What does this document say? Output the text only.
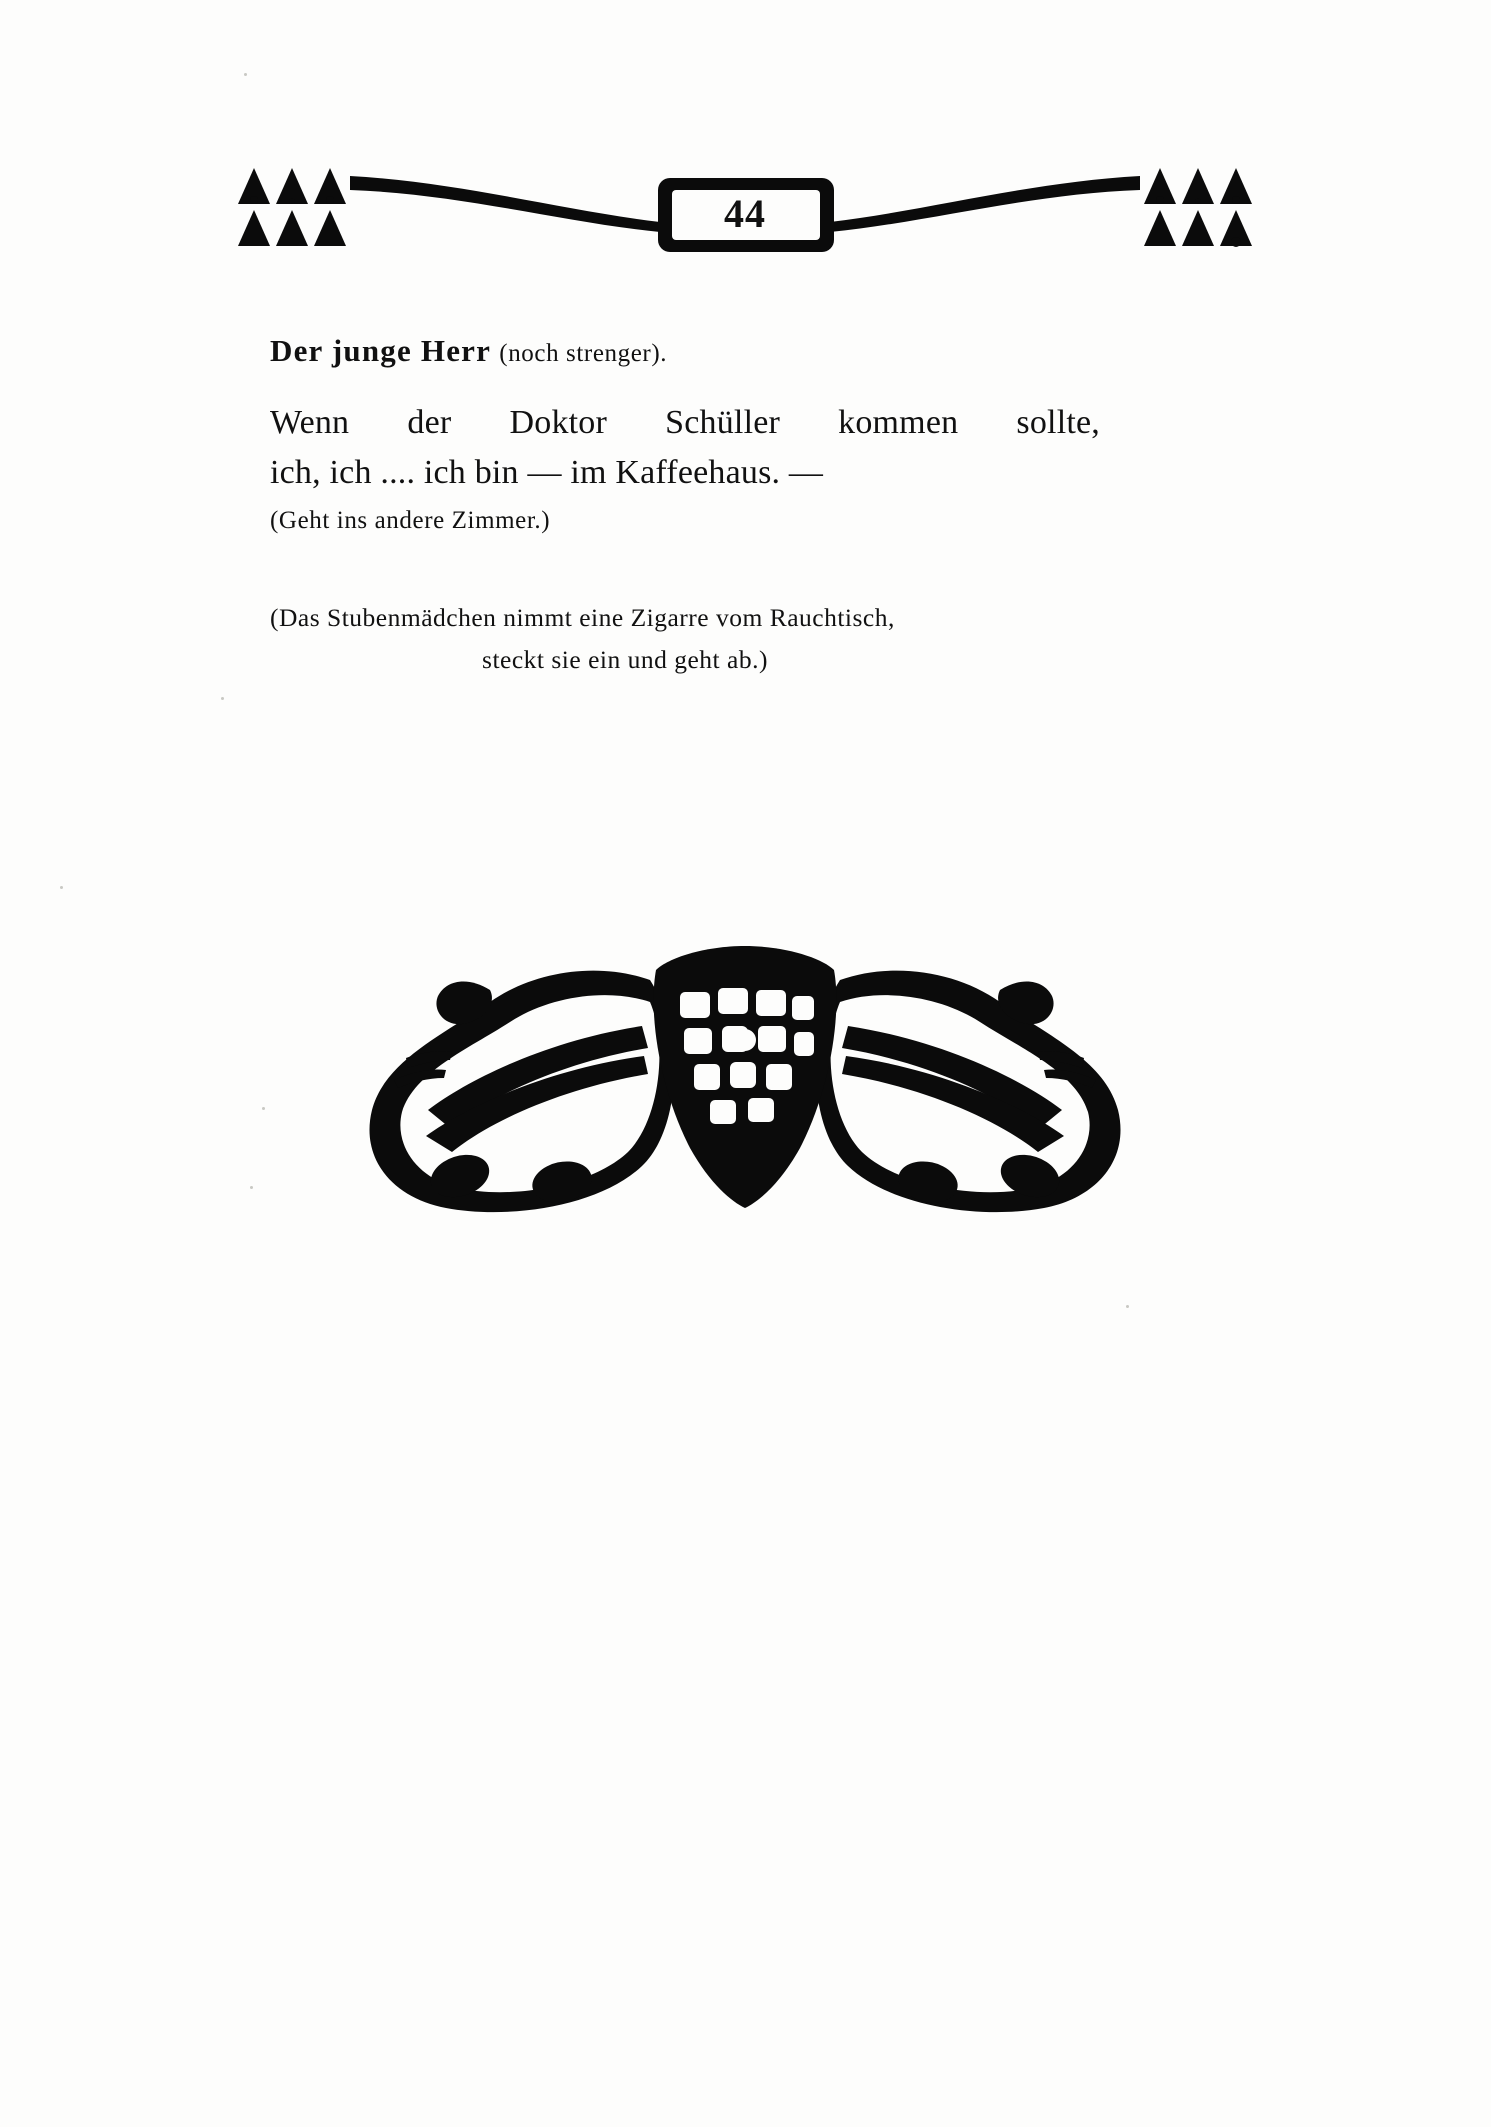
44
Der junge Herr (noch strenger).
Wenn der Doktor Schüller kommen sollte,
ich, ich .... ich bin — im Kaffeehaus. —
(Geht ins andere Zimmer.)
(Das Stubenmädchen nimmt eine Zigarre vom Rauchtisch,
steckt sie ein und geht ab.)
